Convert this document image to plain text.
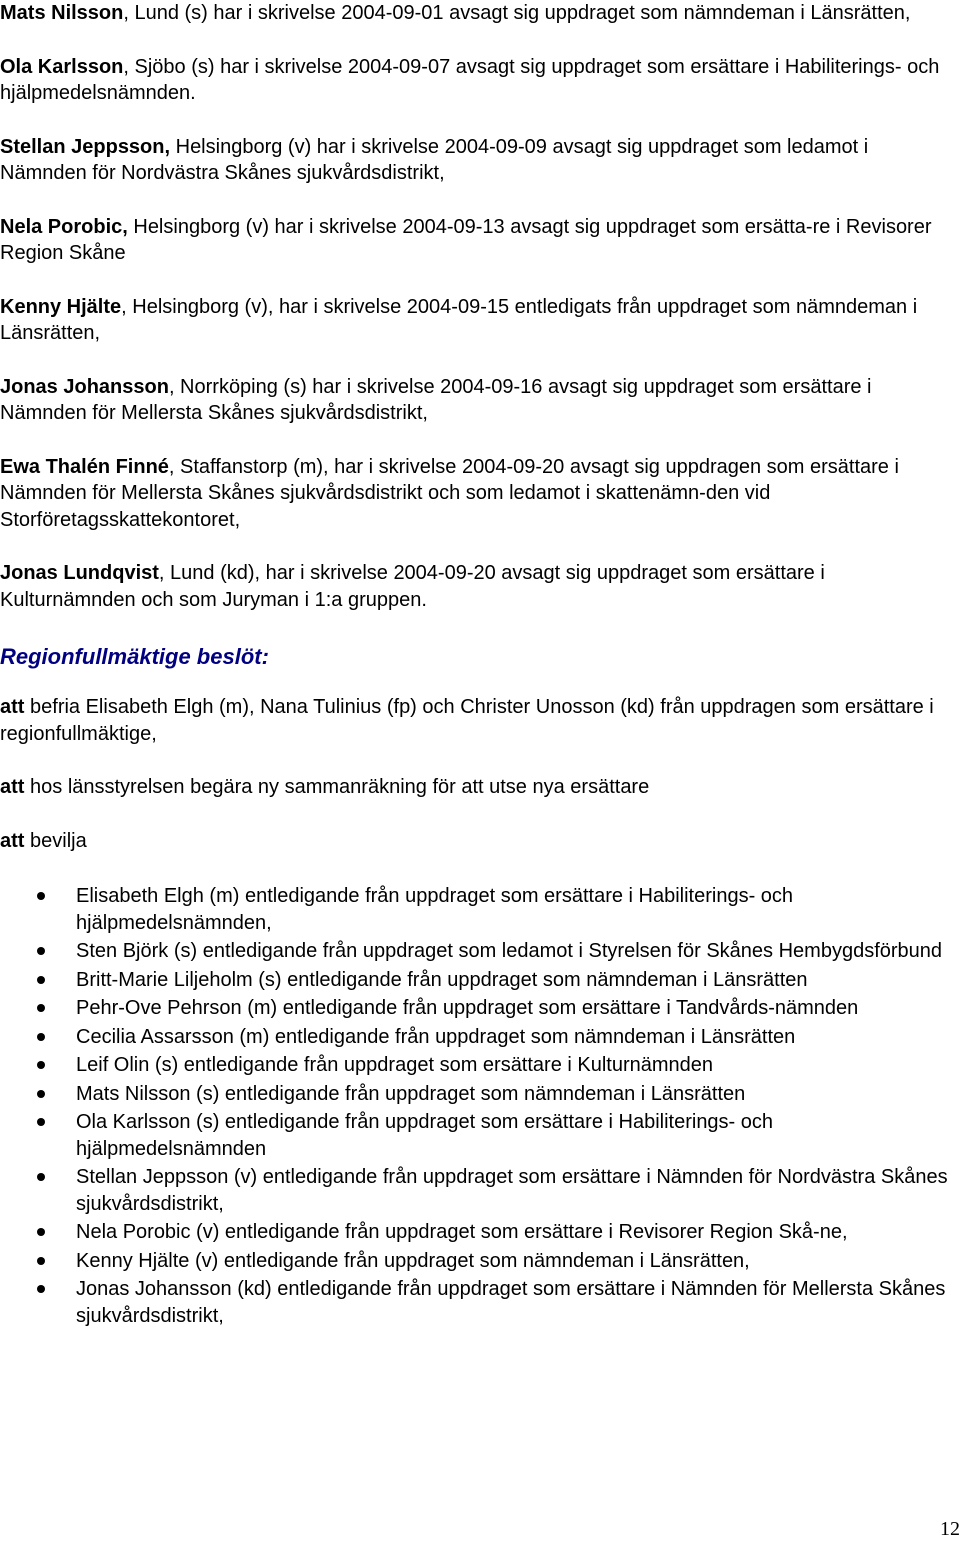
Mats Nilsson, Lund (s) har i skrivelse 2004-09-01 avsagt sig uppdraget som nämndeman i Länsrätten,

Ola Karlsson, Sjöbo (s) har i skrivelse 2004-09-07 avsagt sig uppdraget som ersättare i Habiliterings- och hjälpmedelsnämnden.

Stellan Jeppsson, Helsingborg (v) har i skrivelse 2004-09-09 avsagt sig uppdraget som ledamot i Nämnden för Nordvästra Skånes sjukvårdsdistrikt,

Nela Porobic, Helsingborg (v) har i skrivelse 2004-09-13 avsagt sig uppdraget som ersätta-re i Revisorer Region Skåne

Kenny Hjälte, Helsingborg (v), har i skrivelse 2004-09-15 entledigats från uppdraget som nämndeman i Länsrätten,

Jonas Johansson, Norrköping (s) har i skrivelse 2004-09-16 avsagt sig uppdraget som ersättare i Nämnden för Mellersta Skånes sjukvårdsdistrikt,

Ewa Thalén Finné, Staffanstorp (m), har i skrivelse 2004-09-20 avsagt sig uppdragen som ersättare i Nämnden för Mellersta Skånes sjukvårdsdistrikt och som ledamot i skattenämn-den vid Storföretagsskattekontoret,

Jonas Lundqvist, Lund (kd), har i skrivelse 2004-09-20 avsagt sig uppdraget som ersättare i Kulturnämnden och som Juryman i 1:a gruppen.

Regionfullmäktige beslöt:

att befria Elisabeth Elgh (m), Nana Tulinius (fp) och Christer Unosson (kd) från uppdragen som ersättare i regionfullmäktige,

att hos länsstyrelsen begära ny sammanräkning för att utse nya ersättare

att bevilja

Elisabeth Elgh (m) entledigande från uppdraget som ersättare i Habiliterings- och hjälpmedelsnämnden,
Sten Björk (s) entledigande från uppdraget som ledamot i Styrelsen för Skånes Hembygdsförbund
Britt-Marie Liljeholm (s) entledigande från uppdraget som nämndeman i Länsrätten
Pehr-Ove Pehrson (m) entledigande från uppdraget som ersättare i Tandvårds-nämnden
Cecilia Assarsson (m) entledigande från uppdraget som nämndeman i Länsrätten
Leif Olin (s) entledigande från uppdraget som ersättare i Kulturnämnden
Mats Nilsson (s) entledigande från uppdraget som nämndeman i Länsrätten
Ola Karlsson (s) entledigande från uppdraget som ersättare i Habiliterings- och hjälpmedelsnämnden
Stellan Jeppsson (v) entledigande från uppdraget som ersättare i Nämnden för Nordvästra Skånes sjukvårdsdistrikt,
Nela Porobic (v) entledigande från uppdraget som ersättare i Revisorer Region Skå-ne,
Kenny Hjälte (v) entledigande från uppdraget som nämndeman i Länsrätten,
Jonas Johansson (kd) entledigande från uppdraget som ersättare i Nämnden för Mellersta Skånes sjukvårdsdistrikt,
12
